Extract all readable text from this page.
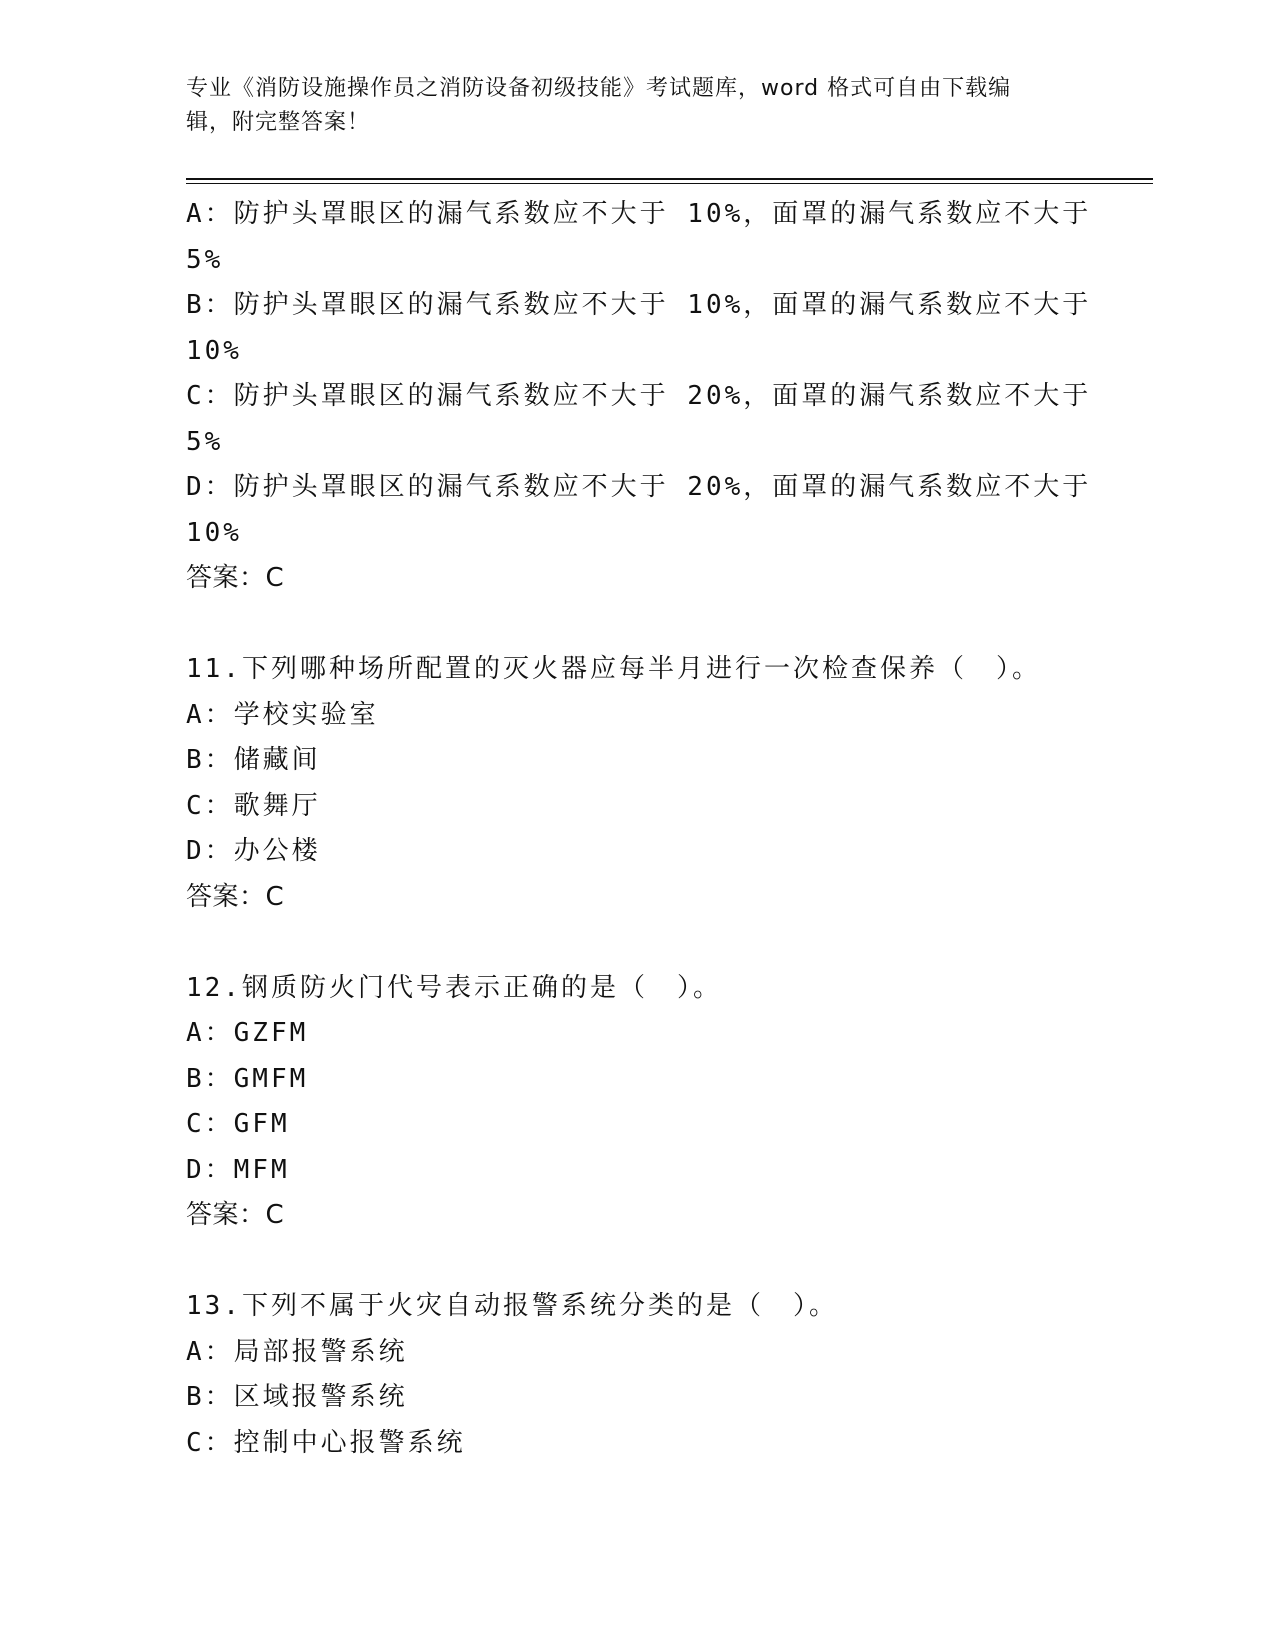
专业《消防设施操作员之消防设备初级技能》考试题库，word 格式可自由下载编
辑，附完整答案！
A：防护头罩眼区的漏气系数应不大于 10%，面罩的漏气系数应不大于
5%
B：防护头罩眼区的漏气系数应不大于 10%，面罩的漏气系数应不大于
10%
C：防护头罩眼区的漏气系数应不大于 20%，面罩的漏气系数应不大于
5%
D：防护头罩眼区的漏气系数应不大于 20%，面罩的漏气系数应不大于
10%
答案：C
11.下列哪种场所配置的灭火器应每半月进行一次检查保养（　）。
A：学校实验室
B：储藏间
C：歌舞厅
D：办公楼
答案：C
12.钢质防火门代号表示正确的是（　）。
A：GZFM
B：GMFM
C：GFM
D：MFM
答案：C
13.下列不属于火灾自动报警系统分类的是（　）。
A：局部报警系统
B：区域报警系统
C：控制中心报警系统
